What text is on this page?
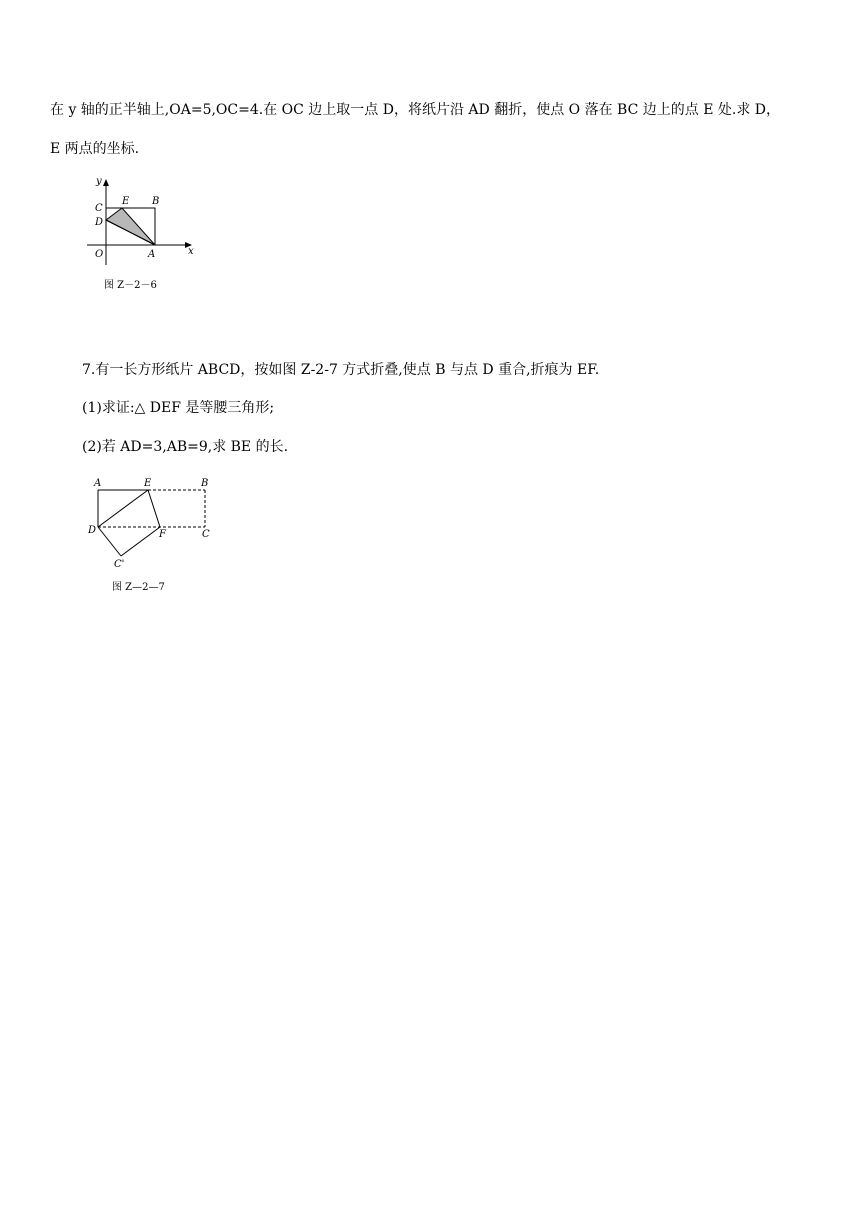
在 y 轴的正半轴上,OA=5,OC=4.在 OC 边上取一点 D，将纸片沿 AD 翻折，使点 O 落在 BC 边上的点 E 处.求 D，
E 两点的坐标.
y
x
C
E B
D
O	A
图 Z－2－6
7.有一长方形纸片 ABCD，按如图 Z-2-7 方式折叠,使点 B 与点 D 重合,折痕为 EF.
(1)求证:△ DEF 是等腰三角形;
(2)若 AD=3,AB=9,求 BE 的长.
A	E	B
D	F	C
C'
图 Z—2—7
